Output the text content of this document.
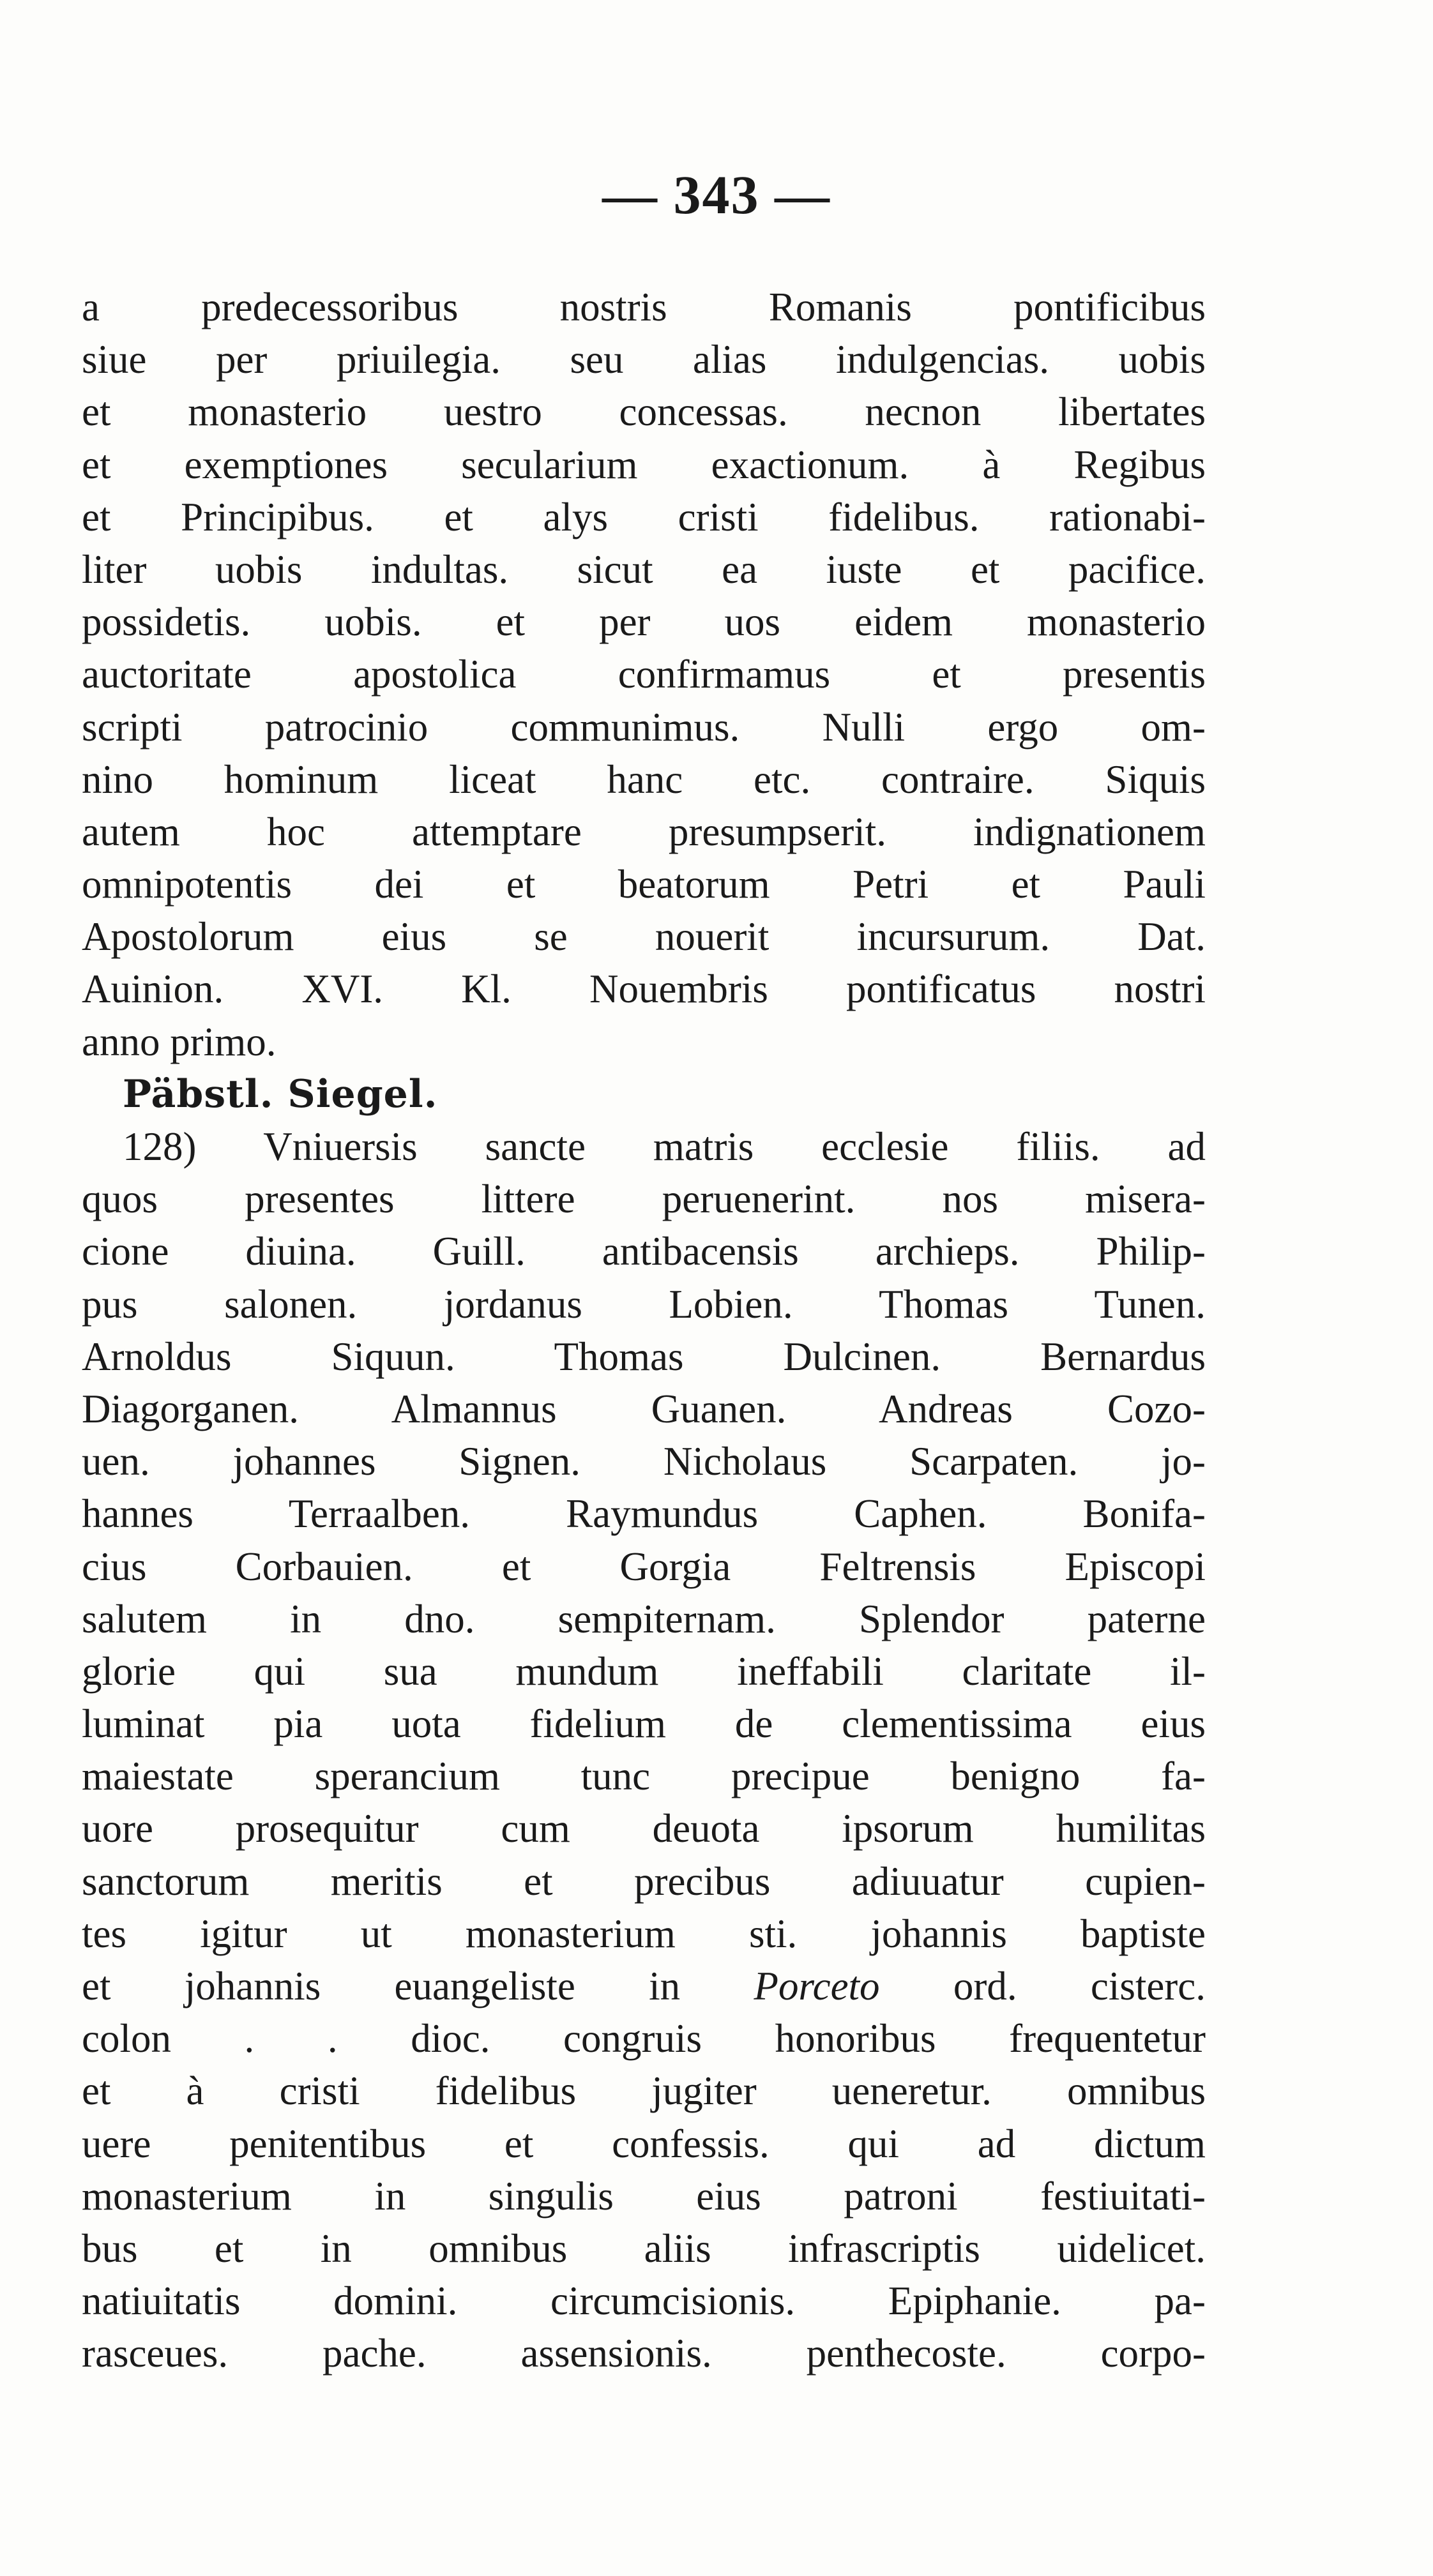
— 343 —
a predecessoribus nostris Romanis pontificibus
siue per priuilegia. seu alias indulgencias. uobis
et monasterio uestro concessas. necnon libertates
et exemptiones secularium exactionum. à Regibus
et Principibus. et alys cristi fidelibus. rationabi-
liter uobis indultas. sicut ea iuste et pacifice.
possidetis. uobis. et per uos eidem monasterio
auctoritate apostolica confirmamus et presentis
scripti patrocinio communimus. Nulli ergo om-
nino hominum liceat hanc etc. contraire. Siquis
autem hoc attemptare presumpserit. indignationem
omnipotentis dei et beatorum Petri et Pauli
Apostolorum eius se nouerit incursurum. Dat.
Auinion. XVI. Kl. Nouembris pontificatus nostri
anno primo.
Päbstl. Siegel.
128) Vniuersis sancte matris ecclesie filiis. ad
quos presentes littere peruenerint. nos misera-
cione diuina. Guill. antibacensis archieps. Philip-
pus salonen. jordanus Lobien. Thomas Tunen.
Arnoldus Siquun. Thomas Dulcinen. Bernardus
Diagorganen. Almannus Guanen. Andreas Cozo-
uen. johannes Signen. Nicholaus Scarpaten. jo-
hannes Terraalben. Raymundus Caphen. Bonifa-
cius Corbauien. et Gorgia Feltrensis Episcopi
salutem in dno. sempiternam. Splendor paterne
glorie qui sua mundum ineffabili claritate il-
luminat pia uota fidelium de clementissima eius
maiestate sperancium tunc precipue benigno fa-
uore prosequitur cum deuota ipsorum humilitas
sanctorum meritis et precibus adiuuatur cupien-
tes igitur ut monasterium sti. johannis baptiste
et johannis euangeliste in Porceto ord. cisterc.
colon . . dioc. congruis honoribus frequentetur
et à cristi fidelibus jugiter ueneretur. omnibus
uere penitentibus et confessis. qui ad dictum
monasterium in singulis eius patroni festiuitati-
bus et in omnibus aliis infrascriptis uidelicet.
natiuitatis domini. circumcisionis. Epiphanie. pa-
rasceues. pache. assensionis. penthecoste. corpo-
